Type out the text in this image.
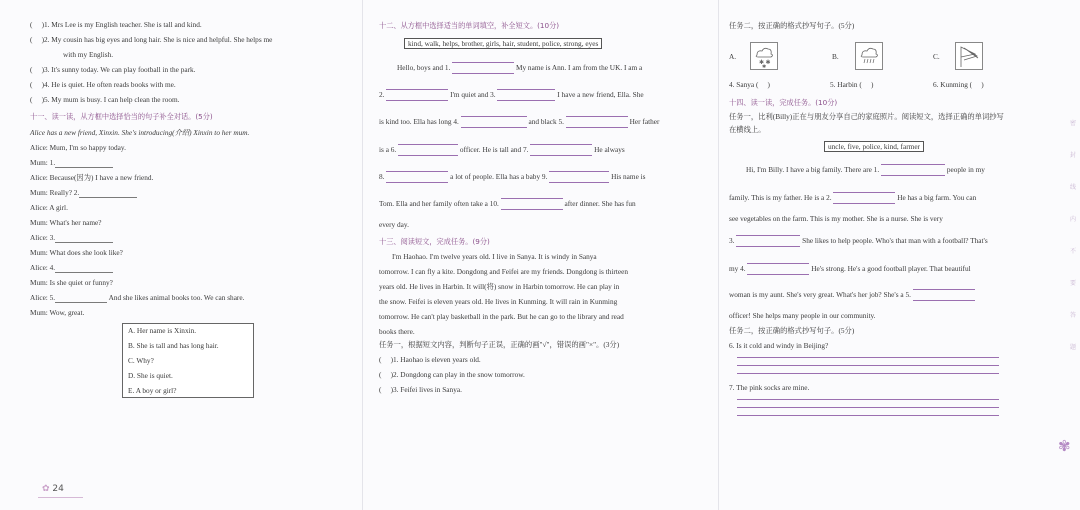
( )1. Mrs Lee is my English teacher. She is tall and kind.
( )2. My cousin has big eyes and long hair. She is nice and helpful. She helps me
with my English.
( )3. It's sunny today. We can play football in the park.
( )4. He is quiet. He often reads books with me.
( )5. My mum is busy. I can help clean the room.
十一、读一读，从方框中选择恰当的句子补全对话。(5分)
Alice has a new friend, Xinxin. She's introducing(介绍) Xinxin to her mum.
Alice: Mum, I'm so happy today.
Mum: 1.
Alice: Because(因为) I have a new friend.
Mum: Really? 2.
Alice: A girl.
Mum: What's her name?
Alice: 3.
Mum: What does she look like?
Alice: 4.
Mum: Is she quiet or funny?
Alice: 5.	And she likes animal books too. We can share.
Mum: Wow, great.
A. Her name is Xinxin.
B. She is tall and has long hair.
C. Why?
D. She is quiet.
E. A boy or girl?
✿ 24
十二、从方框中选择适当的单词填空，补全短文。(10分)
kind, walk, helps, brother, girls, hair, student, police, strong, eyes
Hello, boys and 1.	My name is Ann. I am from the UK. I am a
2.	I'm quiet and 3.	I have a new friend, Ella. She
is kind too. Ella has long 4.	and black 5.	Her father
is a 6.	officer. He is tall and 7.	He always
8.	a lot of people. Ella has a baby 9.	His name is
Tom. Ella and her family often take a 10.	after dinner. She has fun
every day.
十三、阅读短文，完成任务。(9分)
I'm Haohao. I'm twelve years old. I live in Sanya. It is windy in Sanya
tomorrow. I can fly a kite. Dongdong and Feifei are my friends. Dongdong is thirteen
years old. He lives in Harbin. It will(将) snow in Harbin tomorrow. He can play in
the snow. Feifei is eleven years old. He lives in Kunming. It will rain in Kunming
tomorrow. He can't play basketball in the park. But he can go to the library and read
books there.
任务一，根据短文内容，判断句子正误，正确的画"√"，错误的画"×"。(3分)
( )1. Haohao is eleven years old.
( )2. Dongdong can play in the snow tomorrow.
( )3. Feifei lives in Sanya.
任务二，按正确的格式抄写句子。(5分)
A.
✱ ✱
✱
B.	C.
4. Sanya ( )	5. Harbin ( )	6. Kunming ( )
十四、读一读，完成任务。(10分)
任务一，比利(Billy)正在与朋友分享自己的家庭照片。阅读短文，选择正确的单词抄写
在横线上。
uncle, five, police, kind, farmer
Hi, I'm Billy. I have a big family. There are 1.	people in my
family. This is my father. He is a 2.	He has a big farm. You can
see vegetables on the farm. This is my mother. She is a nurse. She is very
3.	She likes to help people. Who's that man with a football? That's
my 4.	He's strong. He's a good football player. That beautiful
woman is my aunt. She's very great. What's her job? She's a 5.
officer! She helps many people in our community.
任务二，按正确的格式抄写句子。(5分)
6. Is it cold and windy in Beijing?
7. The pink socks are mine.
密
封
线
内
不
要
答
题
✾
